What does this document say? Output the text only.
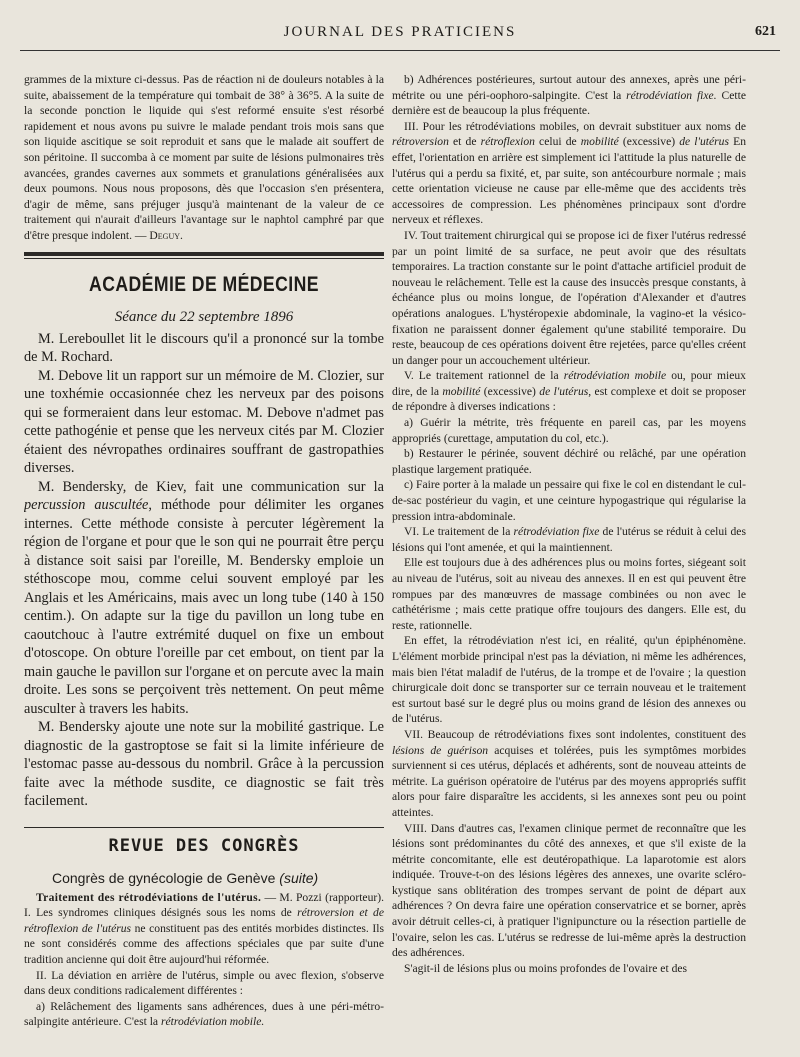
JOURNAL DES PRATICIENS	621

grammes de la mixture ci-dessus. Pas de réaction ni de douleurs notables à la suite, abaissement de la température qui tombait de 38° à 36°5. A la suite de la seconde ponction le liquide qui s'est reformé ensuite s'est résorbé rapidement et nous avons pu suivre le malade pendant trois mois sans que son liquide ascitique se soit reproduit et sans que le malade ait souffert de son péritoine. Il succomba à ce moment par suite de lésions pulmonaires très avancées, grandes cavernes aux sommets et granulations généralisées aux deux poumons. Nous nous proposons, dès que l'occasion s'en présentera, d'agir de même, sans préjuger jusqu'à maintenant de la valeur de ce traitement qui n'aurait d'ailleurs l'avantage sur le naphtol camphré par que d'être presque indolent. — Deguy.

ACADÉMIE DE MÉDECINE
Séance du 22 septembre 1896

M. Lereboullet lit le discours qu'il a prononcé sur la tombe de M. Rochard.

M. Debove lit un rapport sur un mémoire de M. Clozier, sur une toxhémie occasionnée chez les nerveux par des poisons qui se formeraient dans leur estomac. M. Debove n'admet pas cette pathogénie et pense que les nerveux cités par M. Clozier étaient des névropathes ordinaires souffrant de gastropathies diverses.

M. Bendersky, de Kiev, fait une communication sur la percussion auscultée, méthode pour délimiter les organes internes. Cette méthode consiste à percuter légèrement la région de l'organe et pour que le son qui ne pourrait être perçu à distance soit saisi par l'oreille, M. Bendersky emploie un stéthoscope mou, comme celui souvent employé par les Anglais et les Américains, mais avec un long tube (140 à 150 centim.). On adapte sur la tige du pavillon un long tube en caoutchouc à l'autre extrémité duquel on fixe un embout d'otoscope. On obture l'oreille par cet embout, on tient par la main gauche le pavillon sur l'organe et on percute avec la main droite. Les sons se perçoivent très nettement. On peut même ausculter à travers les habits.

M. Bendersky ajoute une note sur la mobilité gastrique. Le diagnostic de la gastroptose se fait si la limite inférieure de l'estomac passe au-dessous du nombril. Grâce à la percussion faite avec la méthode susdite, ce diagnostic se fait très facilement.

REVUE DES CONGRÈS
Congrès de gynécologie de Genève (suite)

Traitement des rétrodéviations de l'utérus. — M. Pozzi (rapporteur). I. Les syndromes cliniques désignés sous les noms de rétroversion et de rétroflexion de l'utérus ne constituent pas des entités morbides distinctes. Ils ne sont considérés comme des affections spéciales que par suite d'une tradition ancienne qui doit être aujourd'hui réformée.

II. La déviation en arrière de l'utérus, simple ou avec flexion, s'observe dans deux conditions radicalement différentes :

a) Relâchement des ligaments sans adhérences, dues à une péri-métro-salpingite antérieure. C'est la rétrodéviation mobile.

b) Adhérences postérieures, surtout autour des annexes, après une péri-métrite ou une péri-oophoro-salpingite. C'est la rétrodéviation fixe. Cette dernière est de beaucoup la plus fréquente.

III. Pour les rétrodéviations mobiles, on devrait substituer aux noms de rétroversion et de rétroflexion celui de mobilité (excessive) de l'utérus En effet, l'orientation en arrière est simplement ici l'attitude la plus naturelle de l'utérus qui a perdu sa fixité, et, par suite, son antécourbure normale ; mais cette orientation vicieuse ne cause par elle-même que des accidents très accessoires de compression. Les phénomènes principaux sont d'ordre nerveux et réflexes.

IV. Tout traitement chirurgical qui se propose ici de fixer l'utérus redressé par un point limité de sa surface, ne peut avoir que des résultats temporaires. La traction constante sur le point d'attache artificiel produit de nouveau le relâchement. Telle est la cause des insuccès presque constants, à échéance plus ou moins longue, de l'opération d'Alexander et d'autres opérations analogues. L'hystéropexie abdominale, la vagino-et la vésico-fixation ne paraissent donner également qu'une stabilité temporaire. Du reste, beaucoup de ces opérations doivent être rejetées, parce qu'elles créent un danger pour un accouchement ultérieur.

V. Le traitement rationnel de la rétrodéviation mobile ou, pour mieux dire, de la mobilité (excessive) de l'utérus, est complexe et doit se proposer de répondre à diverses indications :

a) Guérir la métrite, très fréquente en pareil cas, par les moyens appropriés (curettage, amputation du col, etc.).

b) Restaurer le périnée, souvent déchiré ou relâché, par une opération plastique largement pratiquée.

c) Faire porter à la malade un pessaire qui fixe le col en distendant le cul-de-sac postérieur du vagin, et une ceinture hypogastrique qui régularise la pression intra-abdominale.

VI. Le traitement de la rétrodéviation fixe de l'utérus se réduit à celui des lésions qui l'ont amenée, et qui la maintiennent.

Elle est toujours due à des adhérences plus ou moins fortes, siégeant soit au niveau de l'utérus, soit au niveau des annexes. Il en est qui peuvent être rompues par des manœuvres de massage combinées ou non avec le cathétérisme ; mais cette pratique offre toujours des dangers. Elle est, du reste, rationnelle.

En effet, la rétrodéviation n'est ici, en réalité, qu'un épiphénomène. L'élément morbide principal n'est pas la déviation, ni même les adhérences, mais bien l'état maladif de l'utérus, de la trompe et de l'ovaire ; la question chirurgicale doit donc se transporter sur ce terrain nouveau et le traitement est surtout basé sur le degré plus ou moins grand de lésion des annexes ou de l'utérus.

VII. Beaucoup de rétrodéviations fixes sont indolentes, constituent des lésions de guérison acquises et tolérées, puis les symptômes morbides surviennent si ces utérus, déplacés et adhérents, sont de nouveau atteints de métrite. La guérison opératoire de l'utérus par des moyens appropriés suffit alors pour faire disparaître les accidents, si les annexes sont peu ou point atteintes.

VIII. Dans d'autres cas, l'examen clinique permet de reconnaître que les lésions sont prédominantes du côté des annexes, et que s'il existe de la métrite concomitante, elle est deutéropathique. La laparotomie est alors indiquée. Trouve-t-on des lésions légères des annexes, une ovarite scléro-kystique sans oblitération des trompes servant de point de départ aux adhérences ? On devra faire une opération conservatrice et se borner, après avoir détruit celles-ci, à pratiquer l'ignipuncture ou la résection partielle de l'ovaire, selon les cas. L'utérus se redresse de lui-même après la destruction des adhérences.

S'agit-il de lésions plus ou moins profondes de l'ovaire et des
